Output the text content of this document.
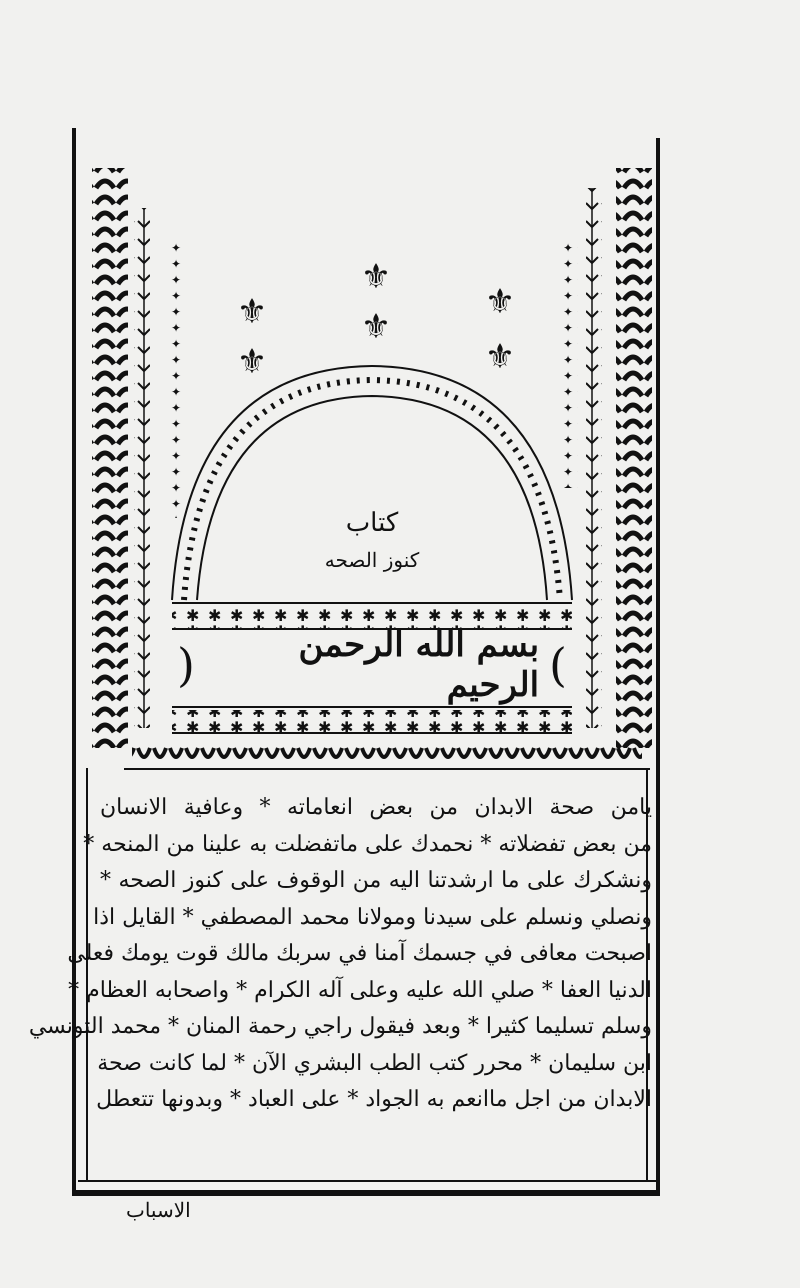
⚜
⚜
⚜
⚜
⚜
⚜
كتاب
كنوز الصحه
)
بسم الله الرحمن الرحيم
(
يامن صحة الابدان من بعض انعاماته * وعافية الانسان
من بعض تفضلاته * نحمدك على ماتفضلت به علينا من المنحه *
ونشكرك على ما ارشدتنا اليه من الوقوف على كنوز الصحه *
ونصلي ونسلم على سيدنا ومولانا محمد المصطفي * القايل اذا
اصبحت معافى في جسمك آمنا في سربك مالك قوت يومك فعلى
الدنيا العفا * صلي الله عليه وعلى آله الكرام * واصحابه العظام *
وسلم تسليما كثيرا * وبعد فيقول راجي رحمة المنان * محمد التونسي
ابن سليمان * محرر كتب الطب البشري الآن * لما كانت صحة
الابدان من اجل ماانعم به الجواد * على العباد * وبدونها تتعطل
الاسباب
